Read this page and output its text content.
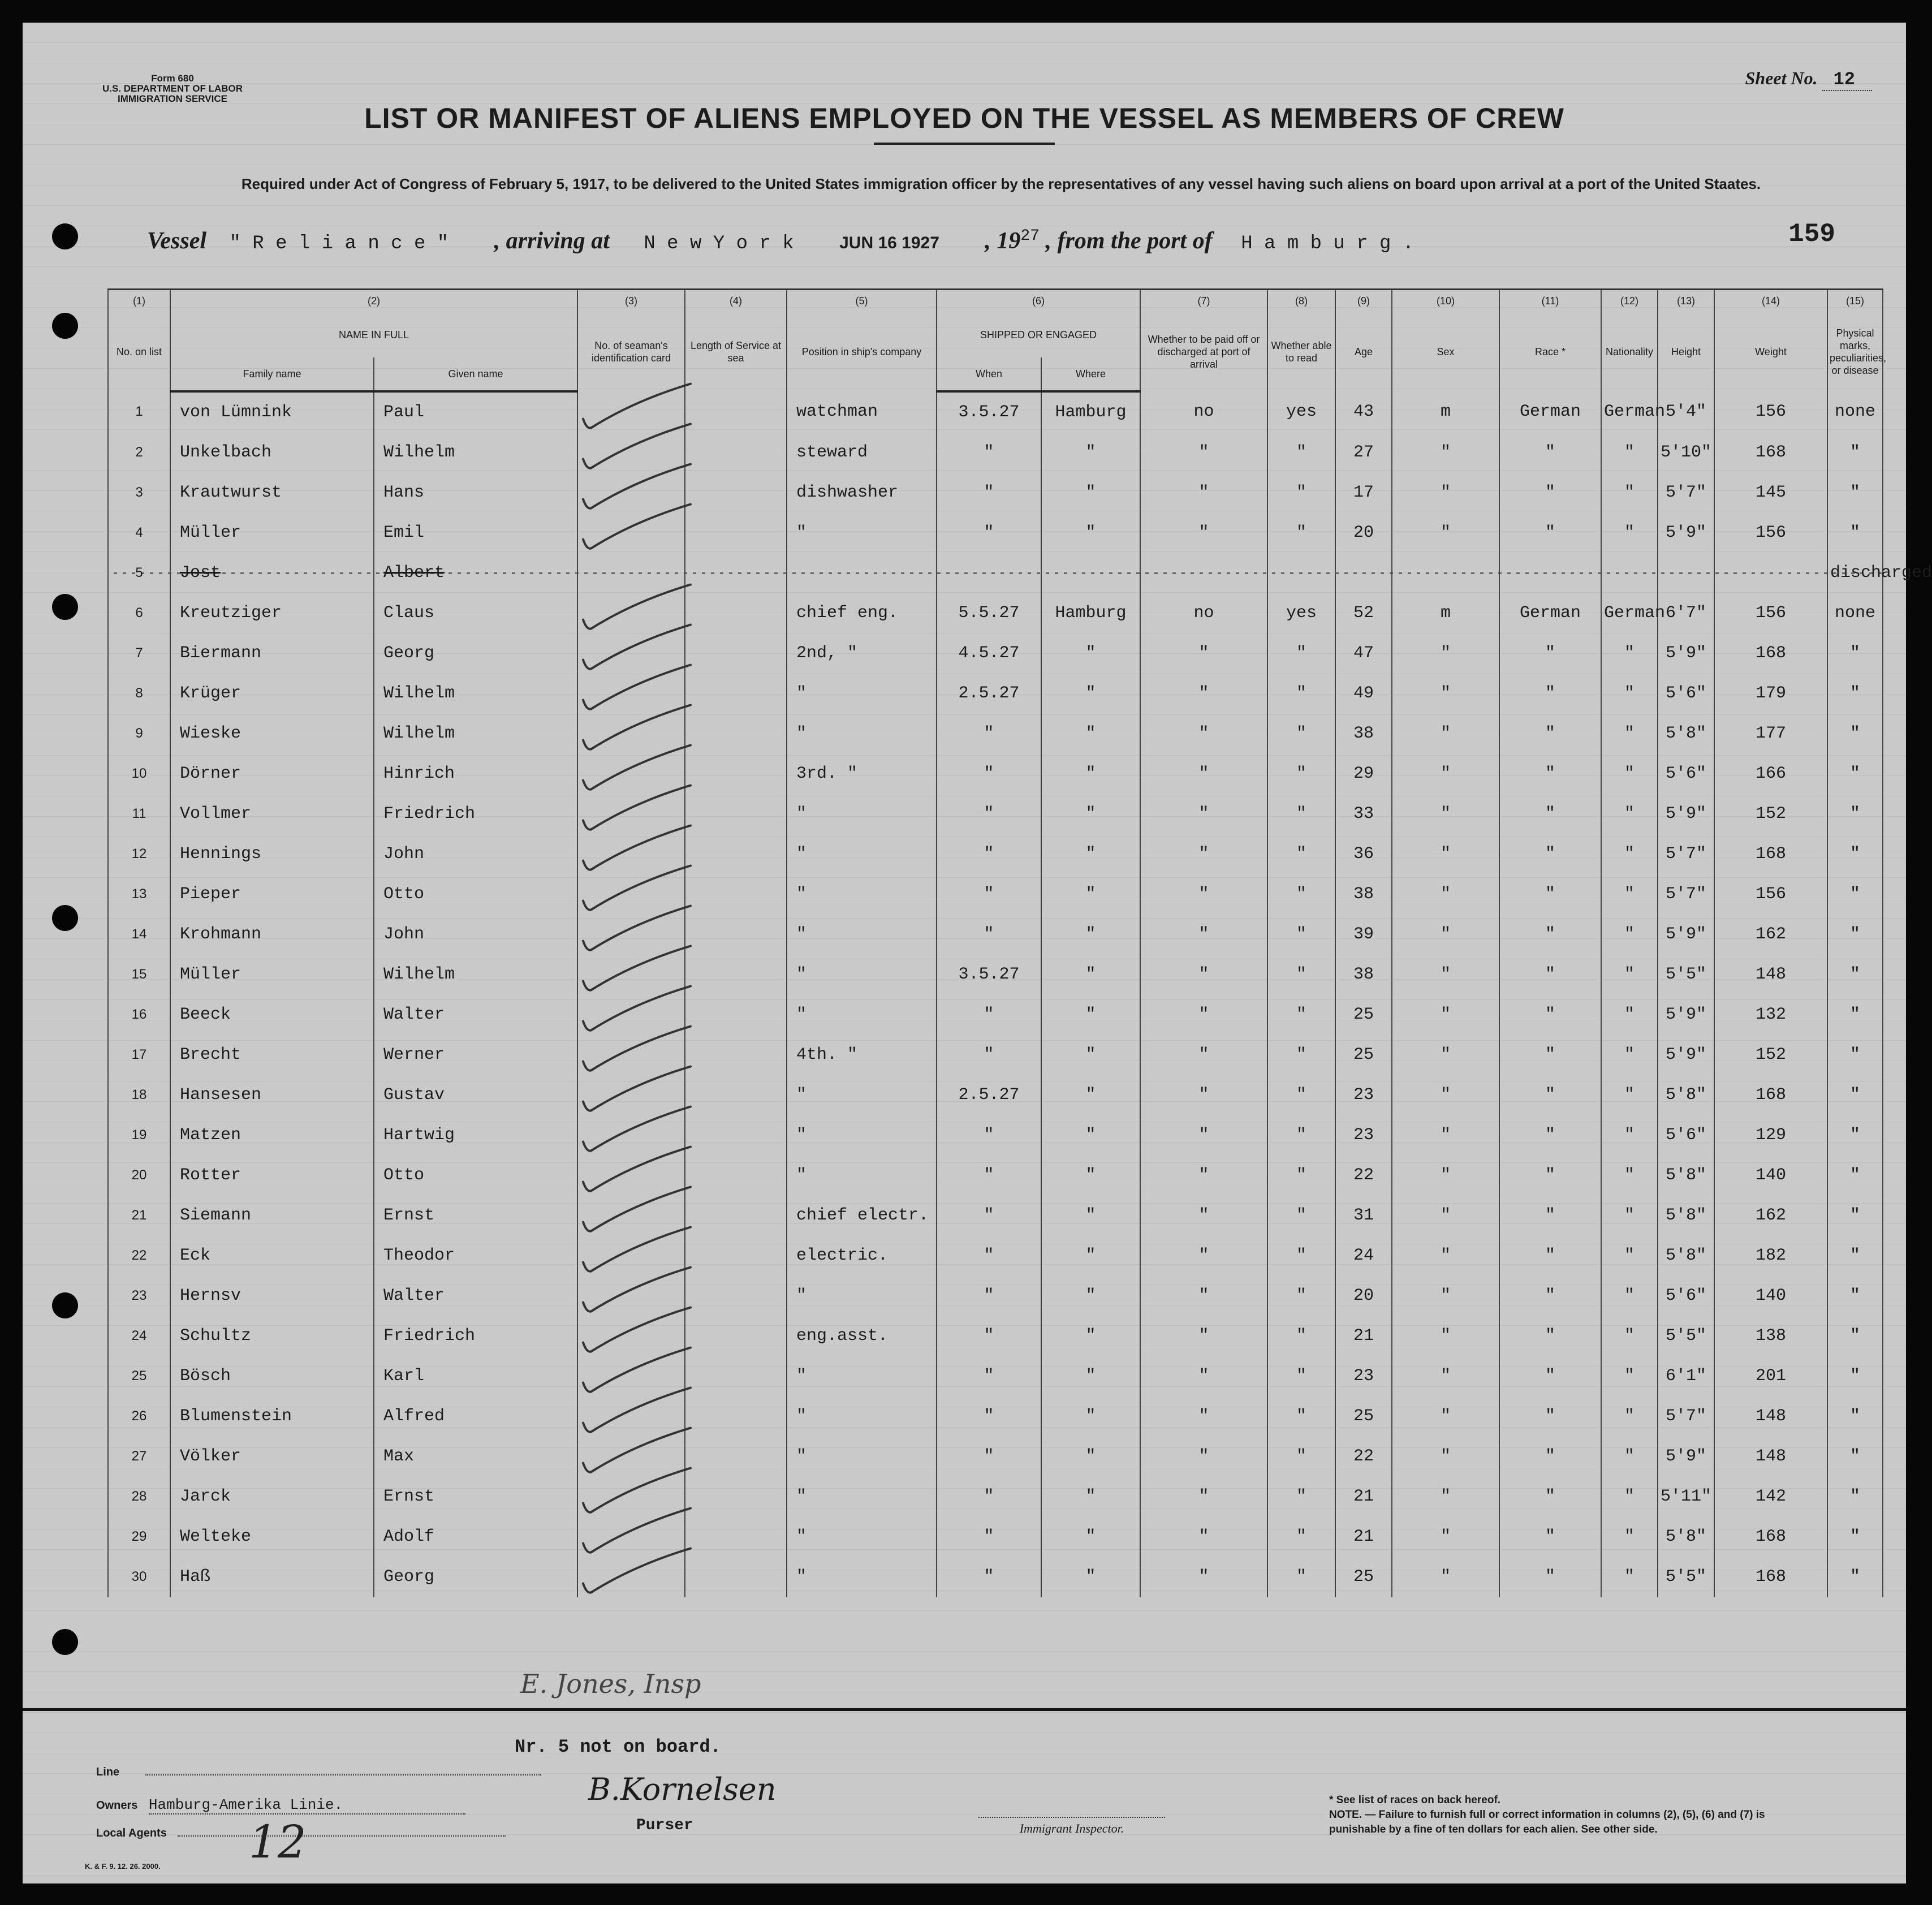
Form 680
U.S. DEPARTMENT OF LABOR
IMMIGRATION SERVICE
Sheet No. 12
LIST OR MANIFEST OF ALIENS EMPLOYED ON THE VESSEL AS MEMBERS OF CREW
Required under Act of Congress of February 5, 1917, to be delivered to the United States immigration officer by the representatives of any vessel having such aliens on board upon arrival at a port of the United Staates.
Vessel " R e l i a n c e " , arriving at N e w Y o r k	JUN 16 1927 , $19^{27}$ , from the port of H a m b u r g .	159
(1)	(2)		(3)	(4)	(5)	(6)		(7)	(8)	(9)	(10)	(11)	(12)	(13)	(14)	(15)
No. on list	NAME IN FULL		No. of seaman's identification card	Length of Service at sea	Position in ship's company	SHIPPED OR ENGAGED		Whether to be paid off or discharged at port of arrival	Whether able to read	Age	Sex	Race *	Nationality	Height	Weight	Physical marks, peculiarities, or disease
	Family name	Given name				When	Where									
1	von Lümnink	Paul			watchman	3.5.27	Hamburg	no	yes	43	m	German	German	5'4"	156	none
2	Unkelbach	Wilhelm			steward	"	"	"	"	27	"	"	"	5'10"	168	"
3	Krautwurst	Hans			dishwasher	"	"	"	"	17	"	"	"	5'7"	145	"
4	Müller	Emil			"	"	"	"	"	20	"	"	"	5'9"	156	"
5	Jost	Albert														discharged
6	Kreutziger	Claus			chief eng.	5.5.27	Hamburg	no	yes	52	m	German	German	6'7"	156	none
7	Biermann	Georg			2nd, "	4.5.27	"	"	"	47	"	"	"	5'9"	168	"
8	Krüger	Wilhelm			"	2.5.27	"	"	"	49	"	"	"	5'6"	179	"
9	Wieske	Wilhelm			"	"	"	"	"	38	"	"	"	5'8"	177	"
10	Dörner	Hinrich			3rd. "	"	"	"	"	29	"	"	"	5'6"	166	"
11	Vollmer	Friedrich			"	"	"	"	"	33	"	"	"	5'9"	152	"
12	Hennings	John			"	"	"	"	"	36	"	"	"	5'7"	168	"
13	Pieper	Otto			"	"	"	"	"	38	"	"	"	5'7"	156	"
14	Krohmann	John			"	"	"	"	"	39	"	"	"	5'9"	162	"
15	Müller	Wilhelm			"	3.5.27	"	"	"	38	"	"	"	5'5"	148	"
16	Beeck	Walter			"	"	"	"	"	25	"	"	"	5'9"	132	"
17	Brecht	Werner			4th. "	"	"	"	"	25	"	"	"	5'9"	152	"
18	Hansesen	Gustav			"	2.5.27	"	"	"	23	"	"	"	5'8"	168	"
19	Matzen	Hartwig			"	"	"	"	"	23	"	"	"	5'6"	129	"
20	Rotter	Otto			"	"	"	"	"	22	"	"	"	5'8"	140	"
21	Siemann	Ernst			chief electr.	"	"	"	"	31	"	"	"	5'8"	162	"
22	Eck	Theodor			electric.	"	"	"	"	24	"	"	"	5'8"	182	"
23	Hernsv	Walter			"	"	"	"	"	20	"	"	"	5'6"	140	"
24	Schultz	Friedrich			eng.asst.	"	"	"	"	21	"	"	"	5'5"	138	"
25	Bösch	Karl			"	"	"	"	"	23	"	"	"	6'1"	201	"
26	Blumenstein	Alfred			"	"	"	"	"	25	"	"	"	5'7"	148	"
27	Völker	Max			"	"	"	"	"	22	"	"	"	5'9"	148	"
28	Jarck	Ernst			"	"	"	"	"	21	"	"	"	5'11"	142	"
29	Welteke	Adolf			"	"	"	"	"	21	"	"	"	5'8"	168	"
30	Haß	Georg			"	"	"	"	"	25	"	"	"	5'5"	168	"
E. Jones, Insp
Nr. 5 not on board.
Line
Owners Hamburg-Amerika Linie.
Local Agents	12
B.Kornelsen
Purser	Immigrant Inspector.
* See list of races on back hereof.
NOTE. — Failure to furnish full or correct information in columns (2), (5), (6) and (7) is punishable by a fine of ten dollars for each alien. See other side.
K. & F. 9. 12. 26. 2000.
